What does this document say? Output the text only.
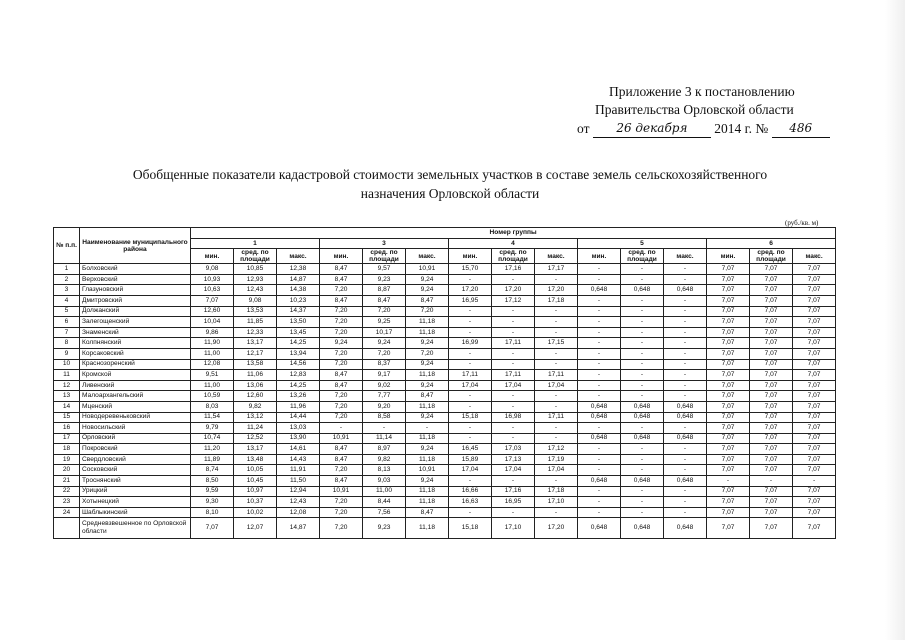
Приложение 3 к постановлению
Правительства Орловской области
от 26 декабря 2014 г. № 486
Обобщенные показатели кадастровой стоимости земельных участков в составе земель сельскохозяйственного
назначения Орловской области
(руб./кв. м)
№ п.п.	Наименование муниципального района	Номер группы														
		1			3			4			5			6		
		мин.	сред. по площади	макс.	мин.	сред. по площади	макс.	мин.	сред. по площади	макс.	мин.	сред. по площади	макс.	мин.	сред. по площади	макс.
1	Болховский	9,08	10,85	12,38	8,47	9,57	10,91	15,70	17,16	17,17	-	-	-	7,07	7,07	7,07
2	Верховский	10,93	12,93	14,87	8,47	9,23	9,24	-	-	-	-	-	-	7,07	7,07	7,07
3	Глазуновский	10,63	12,43	14,38	7,20	8,87	9,24	17,20	17,20	17,20	0,648	0,648	0,648	7,07	7,07	7,07
4	Дмитровский	7,07	9,08	10,23	8,47	8,47	8,47	16,95	17,12	17,18	-	-	-	7,07	7,07	7,07
5	Должанский	12,60	13,53	14,37	7,20	7,20	7,20	-	-	-	-	-	-	7,07	7,07	7,07
6	Залегощенский	10,04	11,85	13,50	7,20	9,25	11,18	-	-	-	-	-	-	7,07	7,07	7,07
7	Знаменский	9,86	12,33	13,45	7,20	10,17	11,18	-	-	-	-	-	-	7,07	7,07	7,07
8	Колпнянский	11,90	13,17	14,25	9,24	9,24	9,24	16,99	17,11	17,15	-	-	-	7,07	7,07	7,07
9	Корсаковский	11,00	12,17	13,94	7,20	7,20	7,20	-	-	-	-	-	-	7,07	7,07	7,07
10	Краснозоренский	12,08	13,58	14,56	7,20	8,37	9,24	-	-	-	-	-	-	7,07	7,07	7,07
11	Кромской	9,51	11,06	12,83	8,47	9,17	11,18	17,11	17,11	17,11	-	-	-	7,07	7,07	7,07
12	Ливенский	11,00	13,06	14,25	8,47	9,02	9,24	17,04	17,04	17,04	-	-	-	7,07	7,07	7,07
13	Малоархангельский	10,59	12,60	13,26	7,20	7,77	8,47	-	-	-	-	-	-	7,07	7,07	7,07
14	Мценский	8,03	9,82	11,96	7,20	9,20	11,18	-	-	-	0,648	0,648	0,648	7,07	7,07	7,07
15	Новодеревеньковский	11,54	13,12	14,44	7,20	8,58	9,24	15,18	16,98	17,11	0,648	0,648	0,648	7,07	7,07	7,07
16	Новосильский	9,79	11,24	13,03	-	-	-	-	-	-	-	-	-	7,07	7,07	7,07
17	Орловский	10,74	12,52	13,90	10,91	11,14	11,18	-	-	-	0,648	0,648	0,648	7,07	7,07	7,07
18	Покровский	11,20	13,17	14,61	8,47	8,97	9,24	16,45	17,03	17,12	-	-	-	7,07	7,07	7,07
19	Свердловский	11,89	13,48	14,43	8,47	9,82	11,18	15,89	17,13	17,19	-	-	-	7,07	7,07	7,07
20	Сосковский	8,74	10,05	11,91	7,20	8,13	10,91	17,04	17,04	17,04	-	-	-	7,07	7,07	7,07
21	Троснянский	8,50	10,45	11,50	8,47	9,03	9,24	-	-	-	0,648	0,648	0,648	-	-	-
22	Урицкий	9,59	10,97	12,94	10,91	11,00	11,18	16,66	17,16	17,18	-	-	-	7,07	7,07	7,07
23	Хотынецкий	9,30	10,37	12,43	7,20	8,44	11,18	16,63	16,95	17,10	-	-	-	7,07	7,07	7,07
24	Шаблыкинский	8,10	10,02	12,08	7,20	7,56	8,47	-	-	-	-	-	-	7,07	7,07	7,07
	Средневзвешенное по Орловской области	7,07	12,07	14,87	7,20	9,23	11,18	15,18	17,10	17,20	0,648	0,648	0,648	7,07	7,07	7,07
